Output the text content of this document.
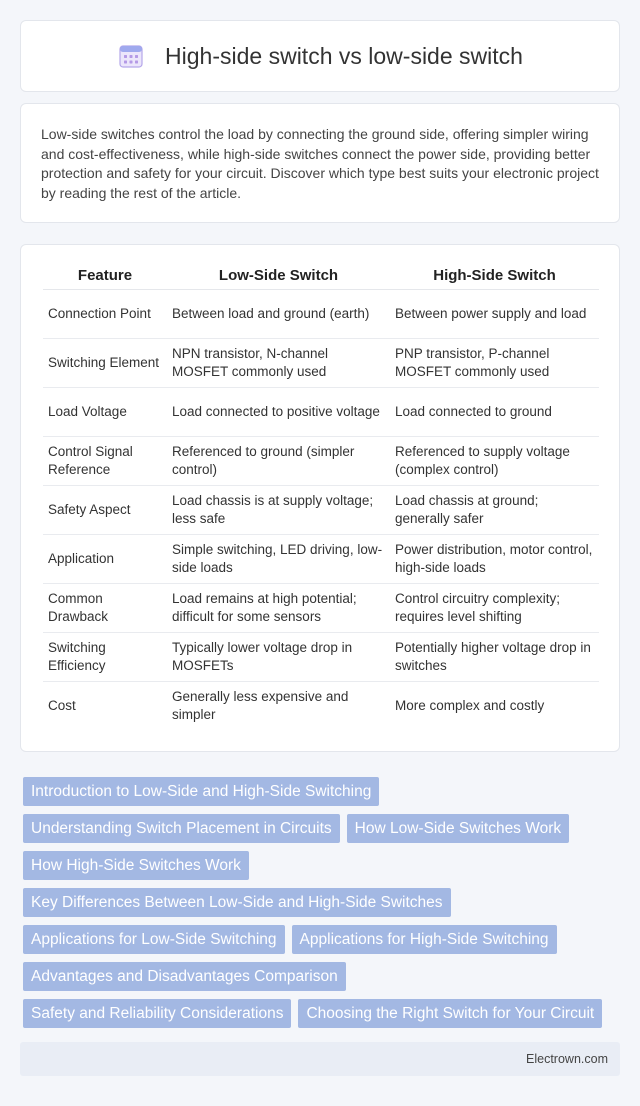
High-side switch vs low-side switch

Low-side switches control the load by connecting the ground side, offering simpler wiring and cost-effectiveness, while high-side switches connect the power side, providing better protection and safety for your circuit. Discover which type best suits your electronic project by reading the rest of the article.

Feature	Low-Side Switch	High-Side Switch
Connection Point	Between load and ground (earth)	Between power supply and load
Switching Element	NPN transistor, N-channel MOSFET commonly used	PNP transistor, P-channel MOSFET commonly used
Load Voltage	Load connected to positive voltage	Load connected to ground
Control Signal Reference	Referenced to ground (simpler control)	Referenced to supply voltage (complex control)
Safety Aspect	Load chassis is at supply voltage; less safe	Load chassis at ground; generally safer
Application	Simple switching, LED driving, low-side loads	Power distribution, motor control, high-side loads
Common Drawback	Load remains at high potential; difficult for some sensors	Control circuitry complexity; requires level shifting
Switching Efficiency	Typically lower voltage drop in MOSFETs	Potentially higher voltage drop in switches
Cost	Generally less expensive and simpler	More complex and costly
Introduction to Low-Side and High-Side Switching
Understanding Switch Placement in Circuits	How Low-Side Switches Work
How High-Side Switches Work
Key Differences Between Low-Side and High-Side Switches
Applications for Low-Side Switching	Applications for High-Side Switching
Advantages and Disadvantages Comparison
Safety and Reliability Considerations	Choosing the Right Switch for Your Circuit
Electrown.com
